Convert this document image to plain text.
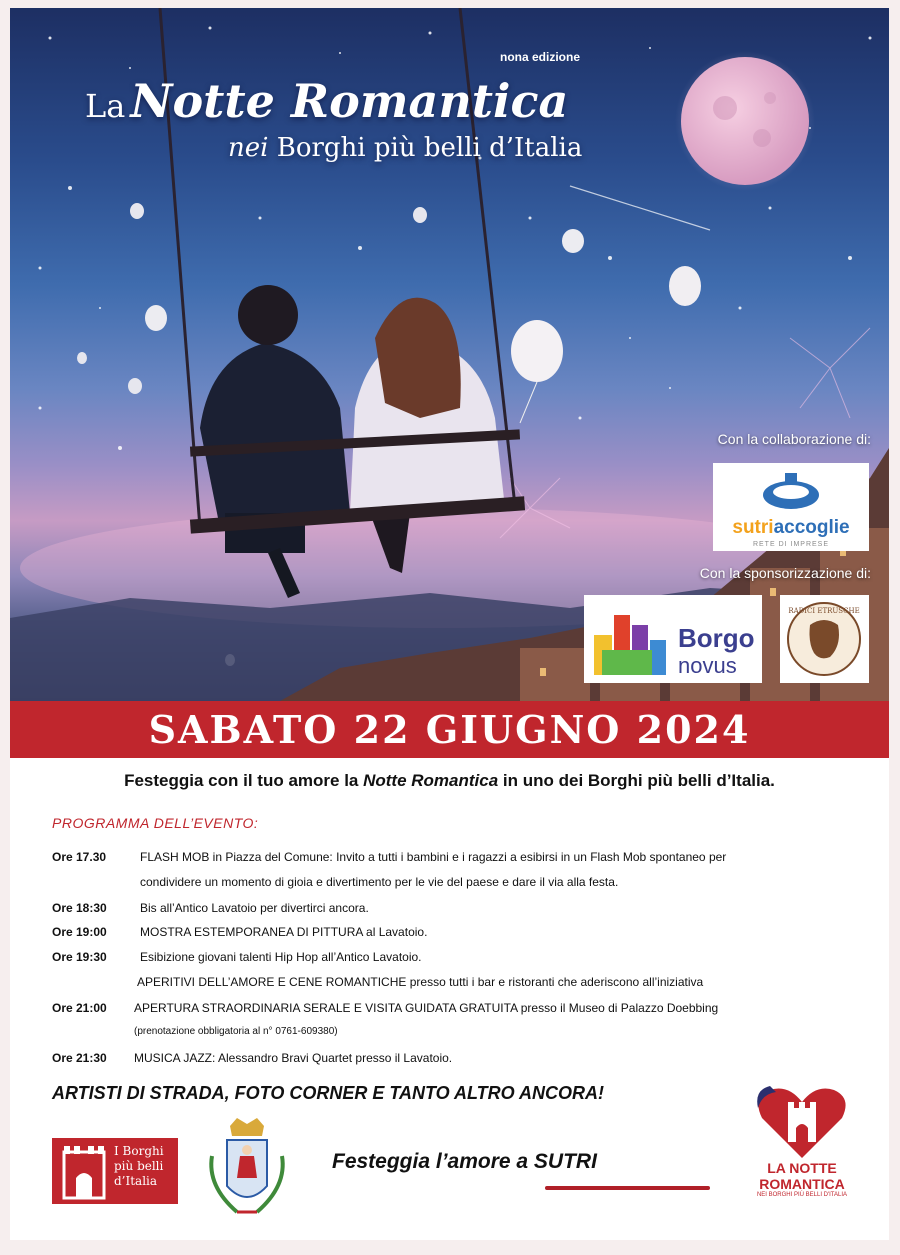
nona edizione
La Notte Romantica
nei Borghi più belli d’Italia
Con la collaborazione di:
sutriaccoglie
RETE DI IMPRESE
Con la sponsorizzazione di:
Borgo
novus
RADICI ETRUSCHE
SABATO 22 GIUGNO 2024
Festeggia con il tuo amore la Notte Romantica in uno dei Borghi più belli d’Italia.
PROGRAMMA DELL’EVENTO:
Ore 17.30	FLASH MOB in Piazza del Comune: Invito a tutti i bambini e i ragazzi a esibirsi in un Flash Mob spontaneo per
condividere un momento di gioia e divertimento per le vie del paese e dare il via alla festa.
Ore 18:30	Bis all’Antico Lavatoio per divertirci ancora.
Ore 19:00	MOSTRA ESTEMPORANEA DI PITTURA al Lavatoio.
Ore 19:30	Esibizione giovani talenti Hip Hop all’Antico Lavatoio.
APERITIVI DELL’AMORE E CENE ROMANTICHE presso tutti i bar e ristoranti che aderiscono all’iniziativa
Ore 21:00 APERTURA STRAORDINARIA SERALE E VISITA GUIDATA GRATUITA presso il Museo di Palazzo Doebbing
(prenotazione obbligatoria al n° 0761-609380)
Ore 21:30 MUSICA JAZZ: Alessandro Bravi Quartet presso il Lavatoio.
ARTISTI DI STRADA, FOTO CORNER E TANTO ALTRO ANCORA!
I Borghi
più belli
d’Italia
Festeggia l’amore a SUTRI	LA NOTTE
ROMANTICA
NEI BORGHI PIÙ BELLI D'ITALIA
